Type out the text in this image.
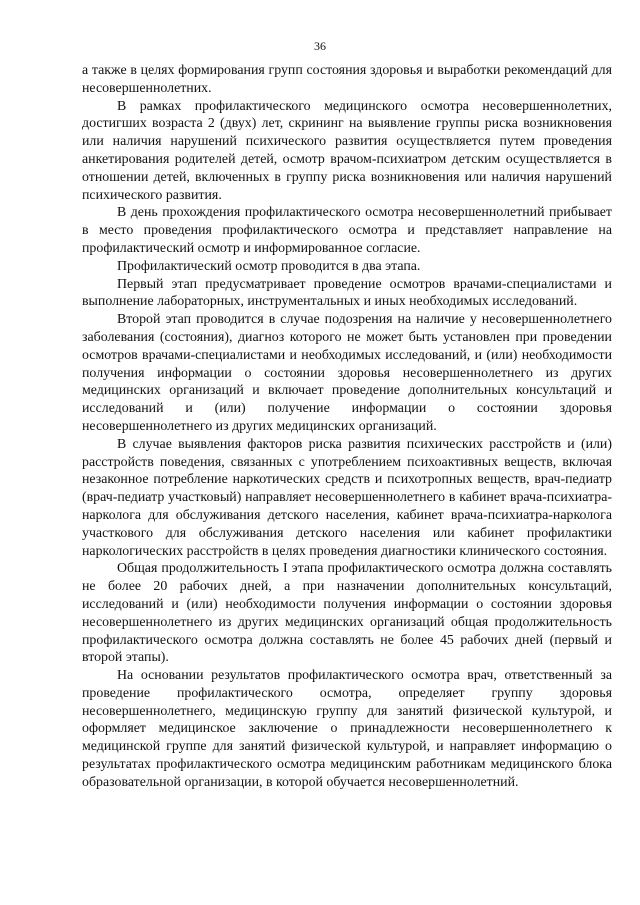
36

а также в целях формирования групп состояния здоровья и выработки рекомендаций для несовершеннолетних.

В рамках профилактического медицинского осмотра несовершеннолетних, достигших возраста 2 (двух) лет, скрининг на выявление группы риска возникновения или наличия нарушений психического развития осуществляется путем проведения анкетирования родителей детей, осмотр врачом-психиатром детским осуществляется в отношении детей, включенных в группу риска возникновения или наличия нарушений психического развития.

В день прохождения профилактического осмотра несовершеннолетний прибывает в место проведения профилактического осмотра и представляет направление на профилактический осмотр и информированное согласие.

Профилактический осмотр проводится в два этапа.

Первый этап предусматривает проведение осмотров врачами-специалистами и выполнение лабораторных, инструментальных и иных необходимых исследований.

Второй этап проводится в случае подозрения на наличие у несовершеннолетнего заболевания (состояния), диагноз которого не может быть установлен при проведении осмотров врачами-специалистами и необходимых исследований, и (или) необходимости получения информации о состоянии здоровья несовершеннолетнего из других медицинских организаций и включает проведение дополнительных консультаций и исследований и (или) получение информации о состоянии здоровья несовершеннолетнего из других медицинских организаций.

В случае выявления факторов риска развития психических расстройств и (или) расстройств поведения, связанных с употреблением психоактивных веществ, включая незаконное потребление наркотических средств и психотропных веществ, врач-педиатр (врач-педиатр участковый) направляет несовершеннолетнего в кабинет врача-психиатра-нарколога для обслуживания детского населения, кабинет врача-психиатра-нарколога участкового для обслуживания детского населения или кабинет профилактики наркологических расстройств в целях проведения диагностики клинического состояния.

Общая продолжительность I этапа профилактического осмотра должна составлять не более 20 рабочих дней, а при назначении дополнительных консультаций, исследований и (или) необходимости получения информации о состоянии здоровья несовершеннолетнего из других медицинских организаций общая продолжительность профилактического осмотра должна составлять не более 45 рабочих дней (первый и второй этапы).

На основании результатов профилактического осмотра врач, ответственный за проведение профилактического осмотра, определяет группу здоровья несовершеннолетнего, медицинскую группу для занятий физической культурой, и оформляет медицинское заключение о принадлежности несовершеннолетнего к медицинской группе для занятий физической культурой, и направляет информацию о результатах профилактического осмотра медицинским работникам медицинского блока образовательной организации, в которой обучается несовершеннолетний.
